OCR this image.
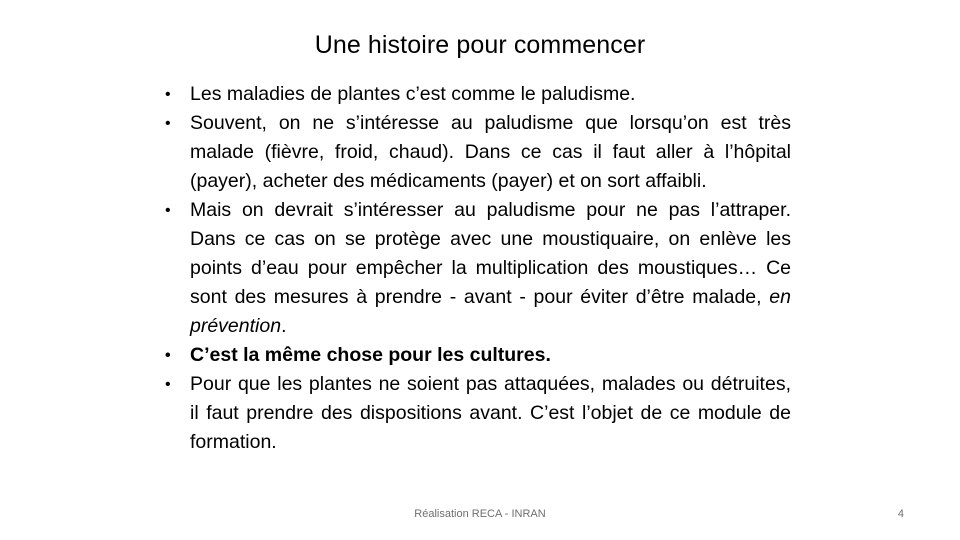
Une histoire pour commencer
• Les maladies de plantes c’est comme le paludisme.
• Souvent, on ne s’intéresse au paludisme que lorsqu’on est très malade (fièvre, froid, chaud). Dans ce cas il faut aller à l’hôpital (payer), acheter des médicaments (payer) et on sort affaibli.
• Mais on devrait s’intéresser au paludisme pour ne pas l’attraper. Dans ce cas on se protège avec une moustiquaire, on enlève les points d’eau pour empêcher la multiplication des moustiques… Ce sont des mesures à prendre - avant - pour éviter d’être malade, en prévention.
• C’est la même chose pour les cultures.
• Pour que les plantes ne soient pas attaquées, malades ou détruites, il faut prendre des dispositions avant. C’est l’objet de ce module de formation.
Réalisation RECA - INRAN	4
